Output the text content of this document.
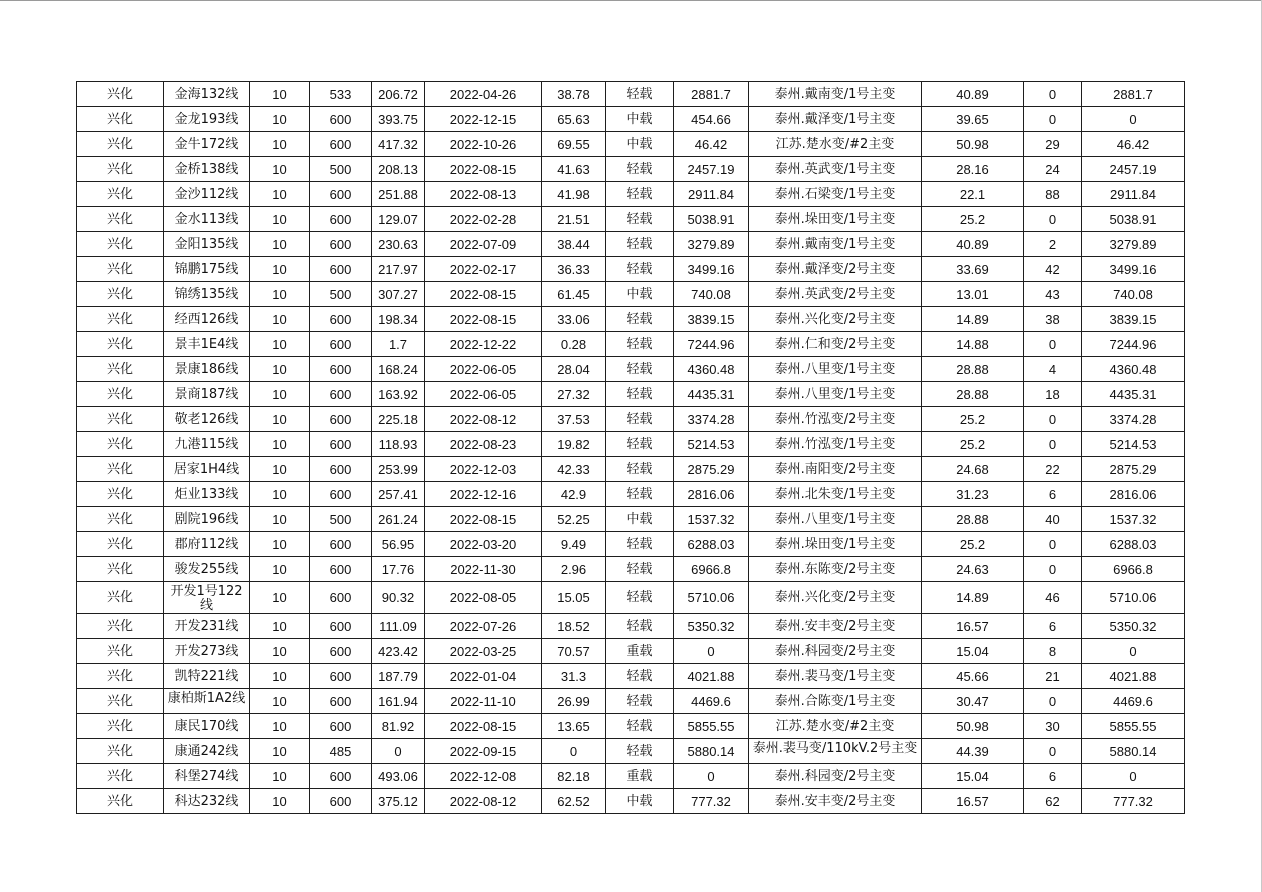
兴化	金海132线	10	533	206.72	2022-04-26	38.78	轻载	2881.7	泰州.戴南变/1号主变	40.89	0	2881.7
兴化	金龙193线	10	600	393.75	2022-12-15	65.63	中载	454.66	泰州.戴泽变/1号主变	39.65	0	0
兴化	金牛172线	10	600	417.32	2022-10-26	69.55	中载	46.42	江苏.楚水变/#2主变	50.98	29	46.42
兴化	金桥138线	10	500	208.13	2022-08-15	41.63	轻载	2457.19	泰州.英武变/1号主变	28.16	24	2457.19
兴化	金沙112线	10	600	251.88	2022-08-13	41.98	轻载	2911.84	泰州.石梁变/1号主变	22.1	88	2911.84
兴化	金水113线	10	600	129.07	2022-02-28	21.51	轻载	5038.91	泰州.垛田变/1号主变	25.2	0	5038.91
兴化	金阳135线	10	600	230.63	2022-07-09	38.44	轻载	3279.89	泰州.戴南变/1号主变	40.89	2	3279.89
兴化	锦鹏175线	10	600	217.97	2022-02-17	36.33	轻载	3499.16	泰州.戴泽变/2号主变	33.69	42	3499.16
兴化	锦绣135线	10	500	307.27	2022-08-15	61.45	中载	740.08	泰州.英武变/2号主变	13.01	43	740.08
兴化	经西126线	10	600	198.34	2022-08-15	33.06	轻载	3839.15	泰州.兴化变/2号主变	14.89	38	3839.15
兴化	景丰1E4线	10	600	1.7	2022-12-22	0.28	轻载	7244.96	泰州.仁和变/2号主变	14.88	0	7244.96
兴化	景康186线	10	600	168.24	2022-06-05	28.04	轻载	4360.48	泰州.八里变/1号主变	28.88	4	4360.48
兴化	景商187线	10	600	163.92	2022-06-05	27.32	轻载	4435.31	泰州.八里变/1号主变	28.88	18	4435.31
兴化	敬老126线	10	600	225.18	2022-08-12	37.53	轻载	3374.28	泰州.竹泓变/2号主变	25.2	0	3374.28
兴化	九港115线	10	600	118.93	2022-08-23	19.82	轻载	5214.53	泰州.竹泓变/1号主变	25.2	0	5214.53
兴化	居家1H4线	10	600	253.99	2022-12-03	42.33	轻载	2875.29	泰州.南阳变/2号主变	24.68	22	2875.29
兴化	炬业133线	10	600	257.41	2022-12-16	42.9	轻载	2816.06	泰州.北朱变/1号主变	31.23	6	2816.06
兴化	剧院196线	10	500	261.24	2022-08-15	52.25	中载	1537.32	泰州.八里变/1号主变	28.88	40	1537.32
兴化	郡府112线	10	600	56.95	2022-03-20	9.49	轻载	6288.03	泰州.垛田变/1号主变	25.2	0	6288.03
兴化	骏发255线	10	600	17.76	2022-11-30	2.96	轻载	6966.8	泰州.东陈变/2号主变	24.63	0	6966.8
兴化	开发1号122线	10	600	90.32	2022-08-05	15.05	轻载	5710.06	泰州.兴化变/2号主变	14.89	46	5710.06
兴化	开发231线	10	600	111.09	2022-07-26	18.52	轻载	5350.32	泰州.安丰变/2号主变	16.57	6	5350.32
兴化	开发273线	10	600	423.42	2022-03-25	70.57	重载	0	泰州.科园变/2号主变	15.04	8	0
兴化	凯特221线	10	600	187.79	2022-01-04	31.3	轻载	4021.88	泰州.裴马变/1号主变	45.66	21	4021.88
兴化	康柏斯1A2线	10	600	161.94	2022-11-10	26.99	轻载	4469.6	泰州.合陈变/1号主变	30.47	0	4469.6
兴化	康民170线	10	600	81.92	2022-08-15	13.65	轻载	5855.55	江苏.楚水变/#2主变	50.98	30	5855.55
兴化	康通242线	10	485	0	2022-09-15	0	轻载	5880.14	泰州.裴马变/110kV.2号主变	44.39	0	5880.14
兴化	科堡274线	10	600	493.06	2022-12-08	82.18	重载	0	泰州.科园变/2号主变	15.04	6	0
兴化	科达232线	10	600	375.12	2022-08-12	62.52	中载	777.32	泰州.安丰变/2号主变	16.57	62	777.32
